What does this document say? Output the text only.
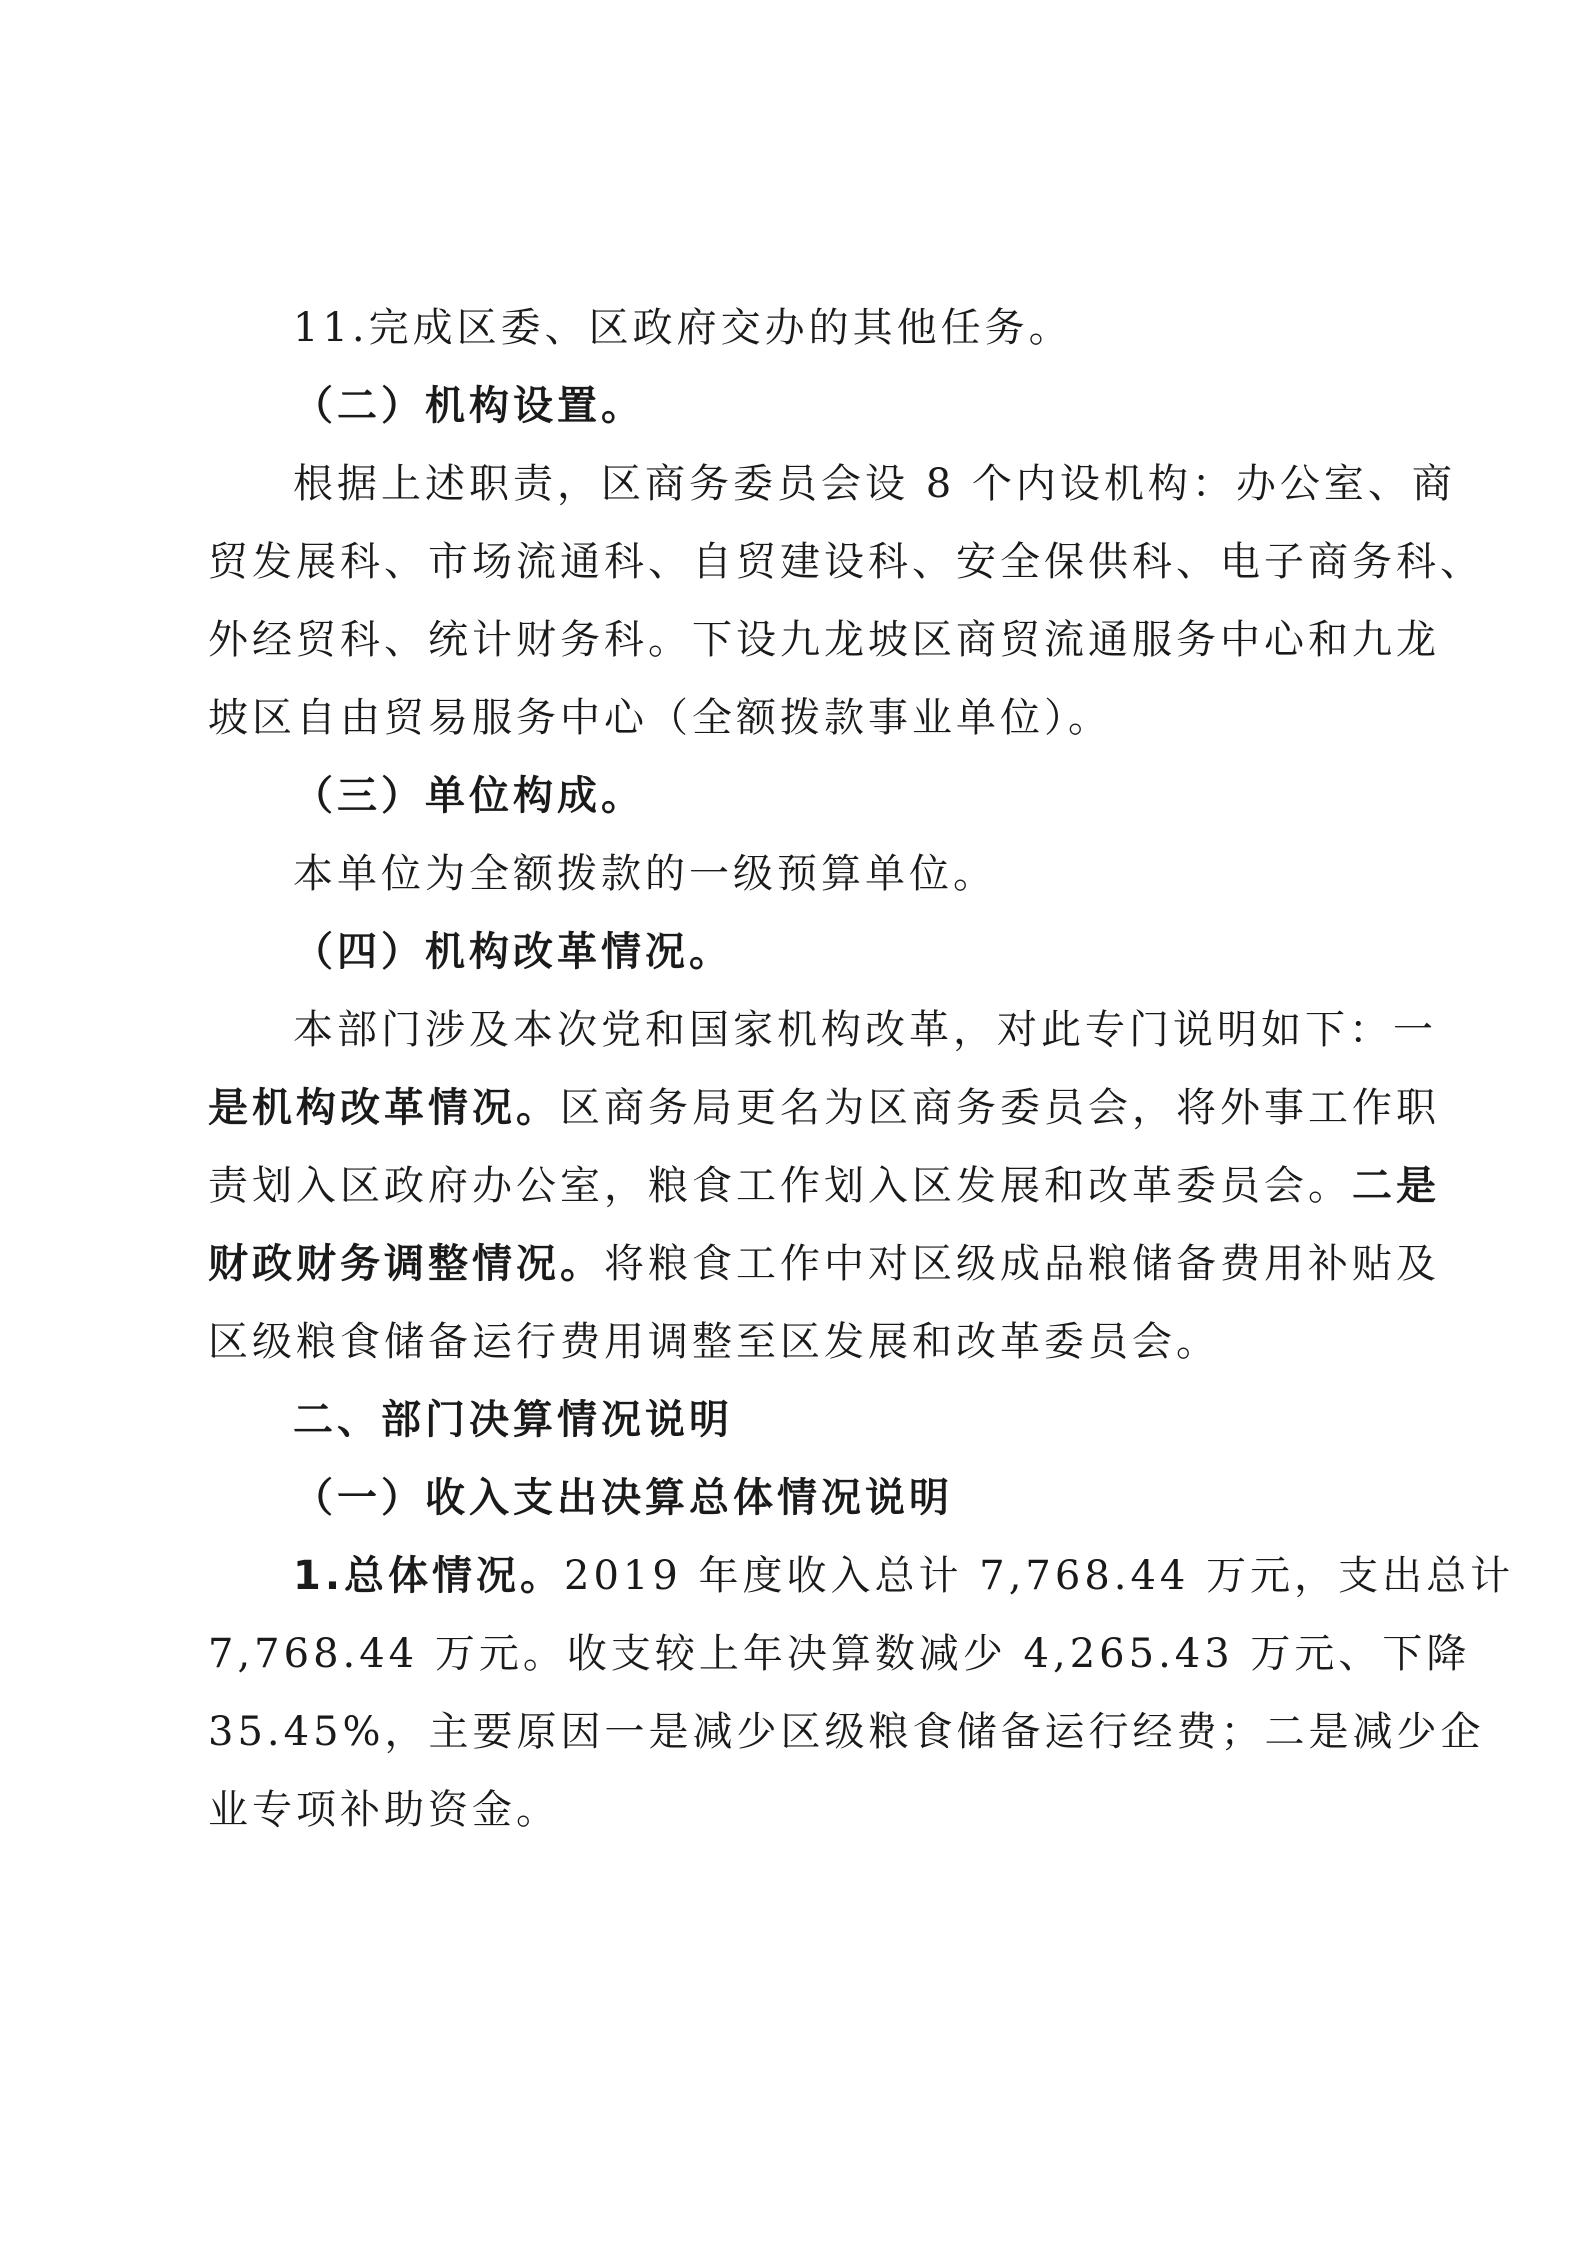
11.完成区委、区政府交办的其他任务。
（二）机构设置。
根据上述职责，区商务委员会设 8 个内设机构：办公室、商
贸发展科、市场流通科、自贸建设科、安全保供科、电子商务科、
外经贸科、统计财务科。下设九龙坡区商贸流通服务中心和九龙
坡区自由贸易服务中心（全额拨款事业单位）。
（三）单位构成。
本单位为全额拨款的一级预算单位。
（四）机构改革情况。
本部门涉及本次党和国家机构改革，对此专门说明如下：一
是机构改革情况。区商务局更名为区商务委员会，将外事工作职
责划入区政府办公室，粮食工作划入区发展和改革委员会。二是
财政财务调整情况。将粮食工作中对区级成品粮储备费用补贴及
区级粮食储备运行费用调整至区发展和改革委员会。
二、部门决算情况说明
（一）收入支出决算总体情况说明
1.总体情况。2019 年度收入总计 7,768.44 万元，支出总计
7,768.44 万元。收支较上年决算数减少 4,265.43 万元、下降
35.45%，主要原因一是减少区级粮食储备运行经费；二是减少企
业专项补助资金。
